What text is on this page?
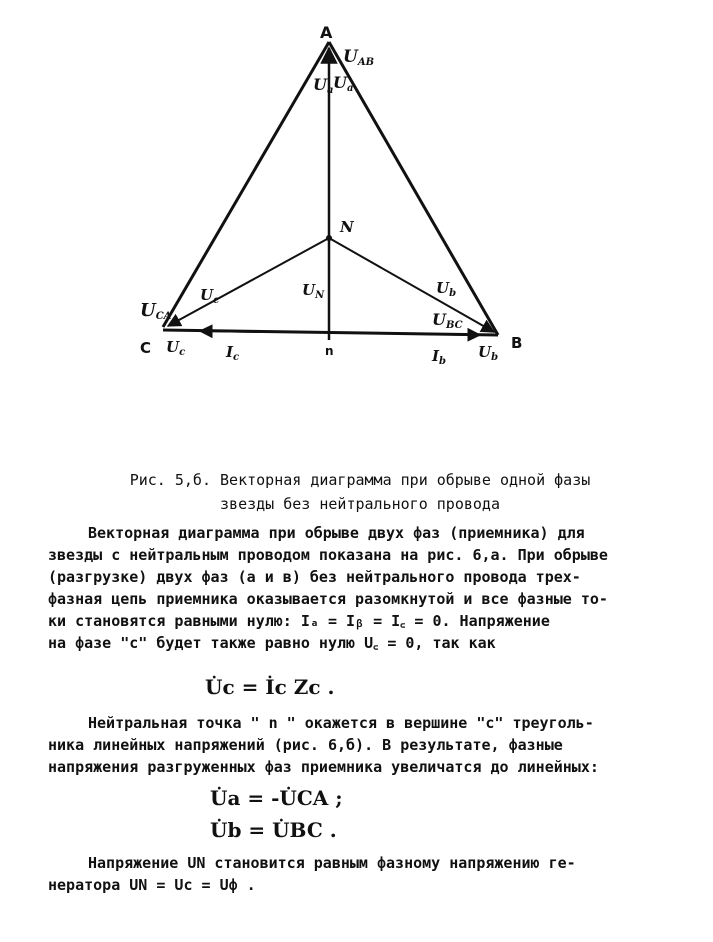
A
B
C
N
n
UAB
Ua Ua
UCA
$U_c$
$U_N$	$U_b$
UBC
$U_c$	$I_c$	$I_b$
$U_b$
Рис. 5,б. Векторная диаграмма при обрыве одной фазы
звезды без нейтрального провода
Векторная диаграмма при обрыве двух фаз (приемника) для
звезды с нейтральным проводом показана на рис. 6,а. При обрыве
(разгрузке) двух фаз (а и в) без нейтрального провода трех-
фазная цепь приемника оказывается разомкнутой и все фазные то-
ки становятся равными нулю: Iₐ = Iᵦ = I꜀ = 0. Напряжение
на фазе "с" будет также равно нулю U꜀ = 0, так как
U̇c = İc Zc .
Нейтральная точка " n " окажется в вершине "с" треуголь-
ника линейных напряжений (рис. 6,б). В результате, фазные
напряжения разгруженных фаз приемника увеличатся до линейных:
U̇a = -U̇CA ;
U̇b = U̇BC .
Напряжение UN становится равным фазному напряжению ге-
нератора UN = Uc = Uф .
